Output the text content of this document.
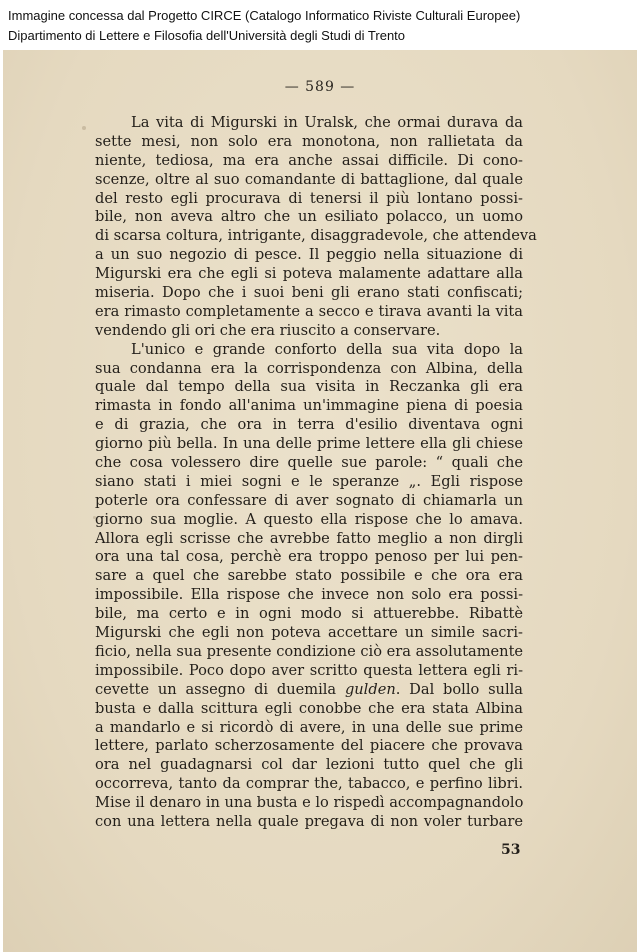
Immagine concessa dal Progetto CIRCE (Catalogo Informatico Riviste Culturali Europee)
Dipartimento di Lettere e Filosofia dell'Università degli Studi di Trento
— 589 —
La vita di Migurski in Uralsk, che ormai durava da
sette mesi, non solo era monotona, non rallietata da
niente, tediosa, ma era anche assai difficile. Di cono-
scenze, oltre al suo comandante di battaglione, dal quale
del resto egli procurava di tenersi il più lontano possi-
bile, non aveva altro che un esiliato polacco, un uomo
di scarsa coltura, intrigante, disaggradevole, che attendeva
a un suo negozio di pesce. Il peggio nella situazione di
Migurski era che egli si poteva malamente adattare alla
miseria. Dopo che i suoi beni gli erano stati confiscati;
era rimasto completamente a secco e tirava avanti la vita
vendendo gli ori che era riuscito a conservare.
L'unico e grande conforto della sua vita dopo la
sua condanna era la corrispondenza con Albina, della
quale dal tempo della sua visita in Reczanka gli era
rimasta in fondo all'anima un'immagine piena di poesia
e di grazia, che ora in terra d'esilio diventava ogni
giorno più bella. In una delle prime lettere ella gli chiese
che cosa volessero dire quelle sue parole: “ quali che
siano stati i miei sogni e le speranze „. Egli rispose
poterle ora confessare di aver sognato di chiamarla un
giorno sua moglie. A questo ella rispose che lo amava.
Allora egli scrisse che avrebbe fatto meglio a non dirgli
ora una tal cosa, perchè era troppo penoso per lui pen-
sare a quel che sarebbe stato possibile e che ora era
impossibile. Ella rispose che invece non solo era possi-
bile, ma certo e in ogni modo si attuerebbe. Ribattè
Migurski che egli non poteva accettare un simile sacri-
ficio, nella sua presente condizione ciò era assolutamente
impossibile. Poco dopo aver scritto questa lettera egli ri-
cevette un assegno di duemila gulden. Dal bollo sulla
busta e dalla scittura egli conobbe che era stata Albina
a mandarlo e si ricordò di avere, in una delle sue prime
lettere, parlato scherzosamente del piacere che provava
ora nel guadagnarsi col dar lezioni tutto quel che gli
occorreva, tanto da comprar the, tabacco, e perfino libri.
Mise il denaro in una busta e lo rispedì accompagnandolo
con una lettera nella quale pregava di non voler turbare
53
